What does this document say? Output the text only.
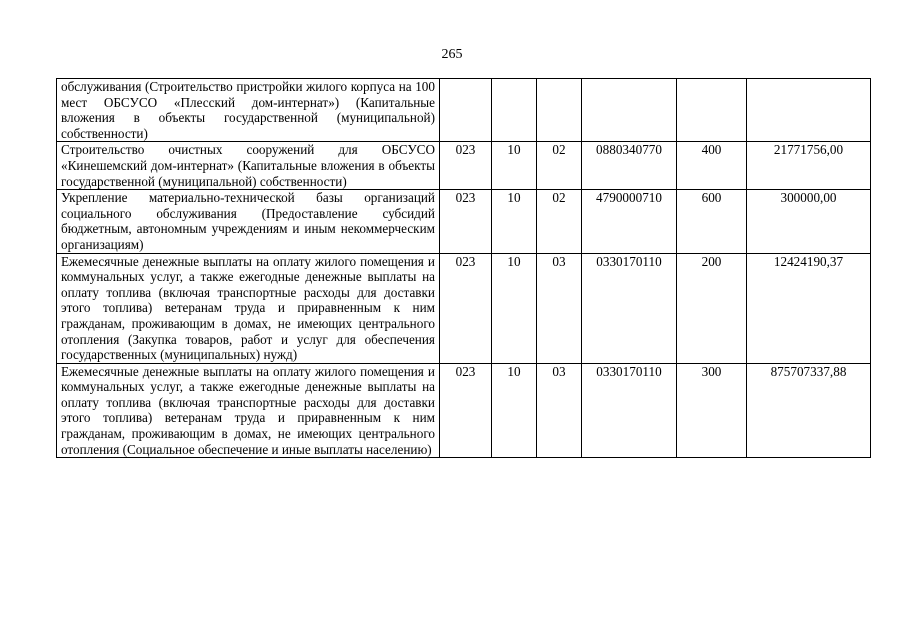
265
обслуживания (Строительство пристройки жилого корпуса на 100 мест ОБСУСО «Плесский дом-интернат») (Капитальные вложения в объекты государственной (муниципальной) собственности)						
Строительство очистных сооружений для ОБСУСО «Кинешемский дом-интернат» (Капитальные вложения в объекты государственной (муниципальной) собственности)	023	10	02	0880340770	400	21771756,00
Укрепление материально-технической базы организаций социального обслуживания (Предоставление субсидий бюджетным, автономным учреждениям и иным некоммерческим организациям)	023	10	02	4790000710	600	300000,00
Ежемесячные денежные выплаты на оплату жилого помещения и коммунальных услуг, а также ежегодные денежные выплаты на оплату топлива (включая транспортные расходы для доставки этого топлива) ветеранам труда и приравненным к ним гражданам, проживающим в домах, не имеющих центрального отопления (Закупка товаров, работ и услуг для обеспечения государственных (муниципальных) нужд)	023	10	03	0330170110	200	12424190,37
Ежемесячные денежные выплаты на оплату жилого помещения и коммунальных услуг, а также ежегодные денежные выплаты на оплату топлива (включая транспортные расходы для доставки этого топлива) ветеранам труда и приравненным к ним гражданам, проживающим в домах, не имеющих центрального отопления (Социальное обеспечение и иные выплаты населению)	023	10	03	0330170110	300	875707337,88
